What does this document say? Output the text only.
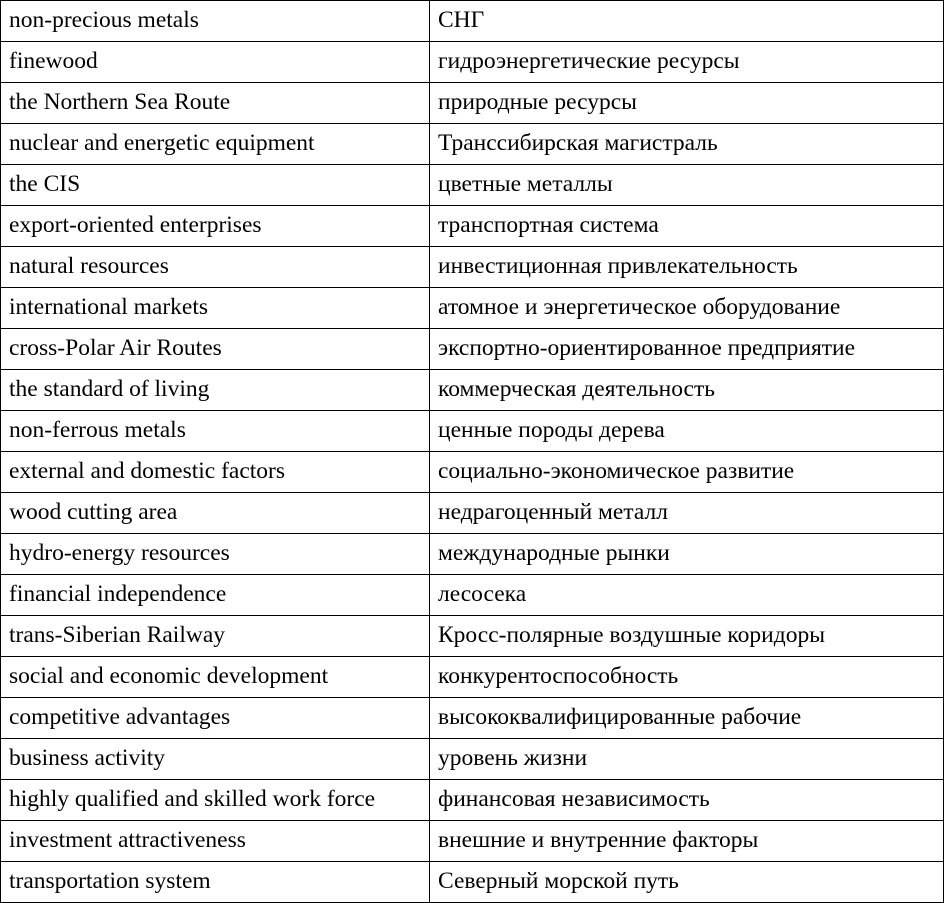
non-precious metals	СНГ
finewood	гидроэнергетические ресурсы
the Northern Sea Route	природные ресурсы
nuclear and energetic equipment	Транссибирская магистраль
the CIS	цветные металлы
export-oriented enterprises	транспортная система
natural resources	инвестиционная привлекательность
international markets	атомное и энергетическое оборудование
cross-Polar Air Routes	экспортно-ориентированное предприятие
the standard of living	коммерческая деятельность
non-ferrous metals	ценные породы дерева
external and domestic factors	социально-экономическое развитие
wood cutting area	недрагоценный металл
hydro-energy resources	международные рынки
financial independence	лесосека
trans-Siberian Railway	Кросс-полярные воздушные коридоры
social and economic development	конкурентоспособность
competitive advantages	высококвалифицированные рабочие
business activity	уровень жизни
highly qualified and skilled work force	финансовая независимость
investment attractiveness	внешние и внутренние факторы
transportation system	Северный морской путь
